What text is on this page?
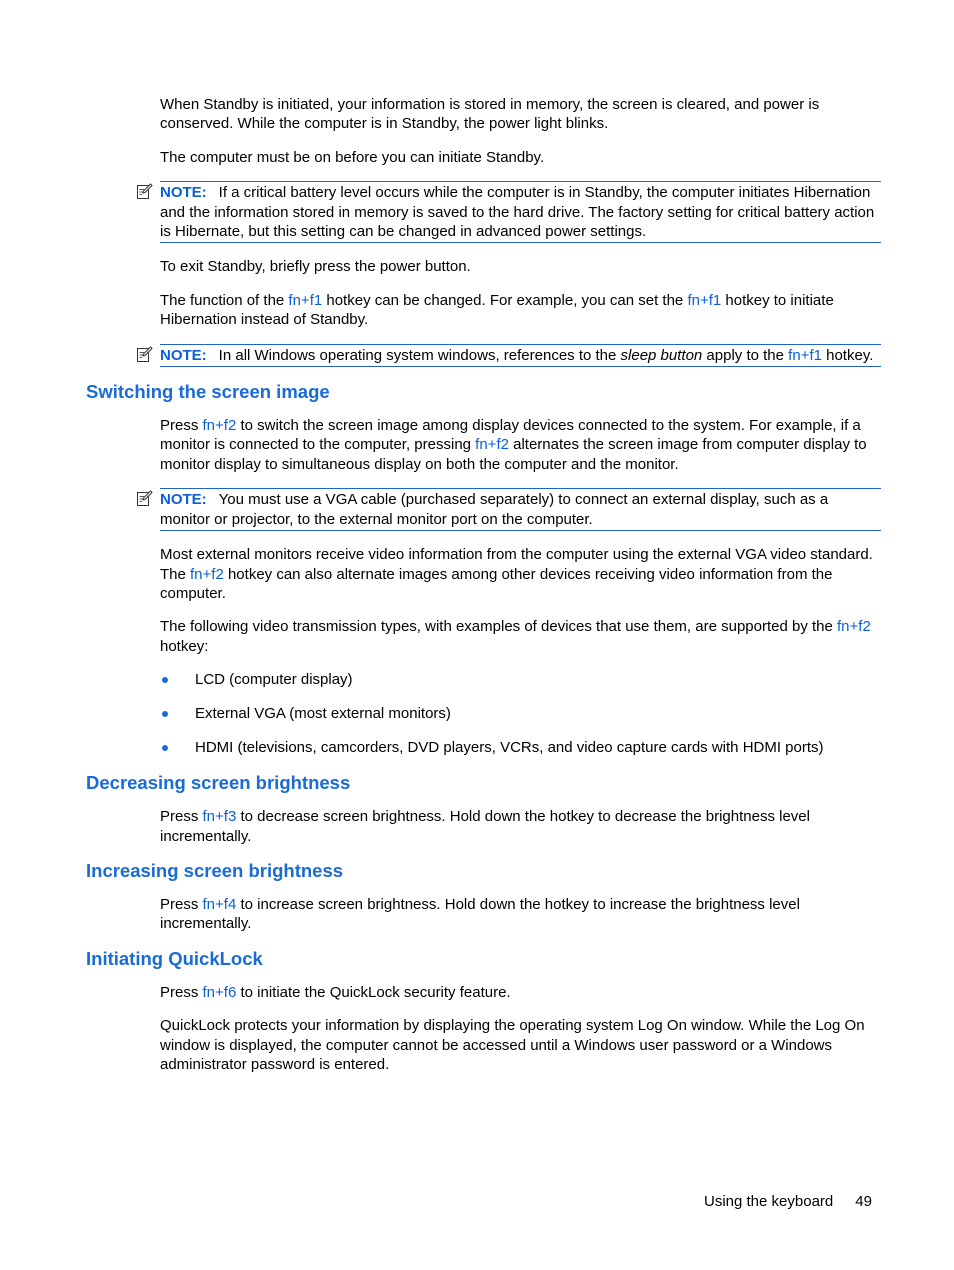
When Standby is initiated, your information is stored in memory, the screen is cleared, and power is conserved. While the computer is in Standby, the power light blinks.

The computer must be on before you can initiate Standby.

NOTE: If a critical battery level occurs while the computer is in Standby, the computer initiates Hibernation and the information stored in memory is saved to the hard drive. The factory setting for critical battery action is Hibernate, but this setting can be changed in advanced power settings.

To exit Standby, briefly press the power button.

The function of the fn+f1 hotkey can be changed. For example, you can set the fn+f1 hotkey to initiate Hibernation instead of Standby.

NOTE: In all Windows operating system windows, references to the sleep button apply to the fn+f1 hotkey.
Switching the screen image

Press fn+f2 to switch the screen image among display devices connected to the system. For example, if a monitor is connected to the computer, pressing fn+f2 alternates the screen image from computer display to monitor display to simultaneous display on both the computer and the monitor.

NOTE: You must use a VGA cable (purchased separately) to connect an external display, such as a monitor or projector, to the external monitor port on the computer.

Most external monitors receive video information from the computer using the external VGA video standard. The fn+f2 hotkey can also alternate images among other devices receiving video information from the computer.

The following video transmission types, with examples of devices that use them, are supported by the fn+f2 hotkey:

LCD (computer display)
External VGA (most external monitors)
HDMI (televisions, camcorders, DVD players, VCRs, and video capture cards with HDMI ports)
Decreasing screen brightness

Press fn+f3 to decrease screen brightness. Hold down the hotkey to decrease the brightness level incrementally.

Increasing screen brightness

Press fn+f4 to increase screen brightness. Hold down the hotkey to increase the brightness level incrementally.

Initiating QuickLock

Press fn+f6 to initiate the QuickLock security feature.

QuickLock protects your information by displaying the operating system Log On window. While the Log On window is displayed, the computer cannot be accessed until a Windows user password or a Windows administrator password is entered.

Using the keyboard 49
